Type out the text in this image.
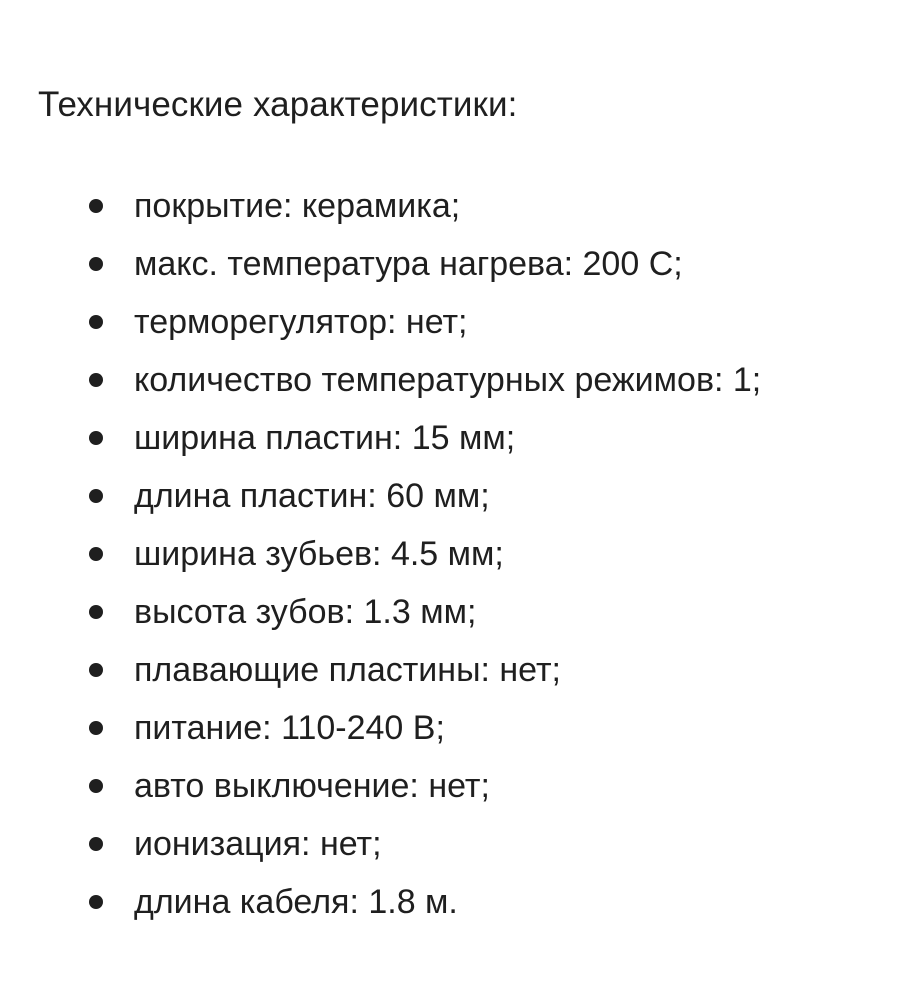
Технические характеристики:
покрытие: керамика;
макс. температура нагрева: 200 С;
терморегулятор: нет;
количество температурных режимов: 1;
ширина пластин: 15 мм;
длина пластин: 60 мм;
ширина зубьев: 4.5 мм;
высота зубов: 1.3 мм;
плавающие пластины: нет;
питание: 110-240 В;
авто выключение: нет;
ионизация: нет;
длина кабеля: 1.8 м.
